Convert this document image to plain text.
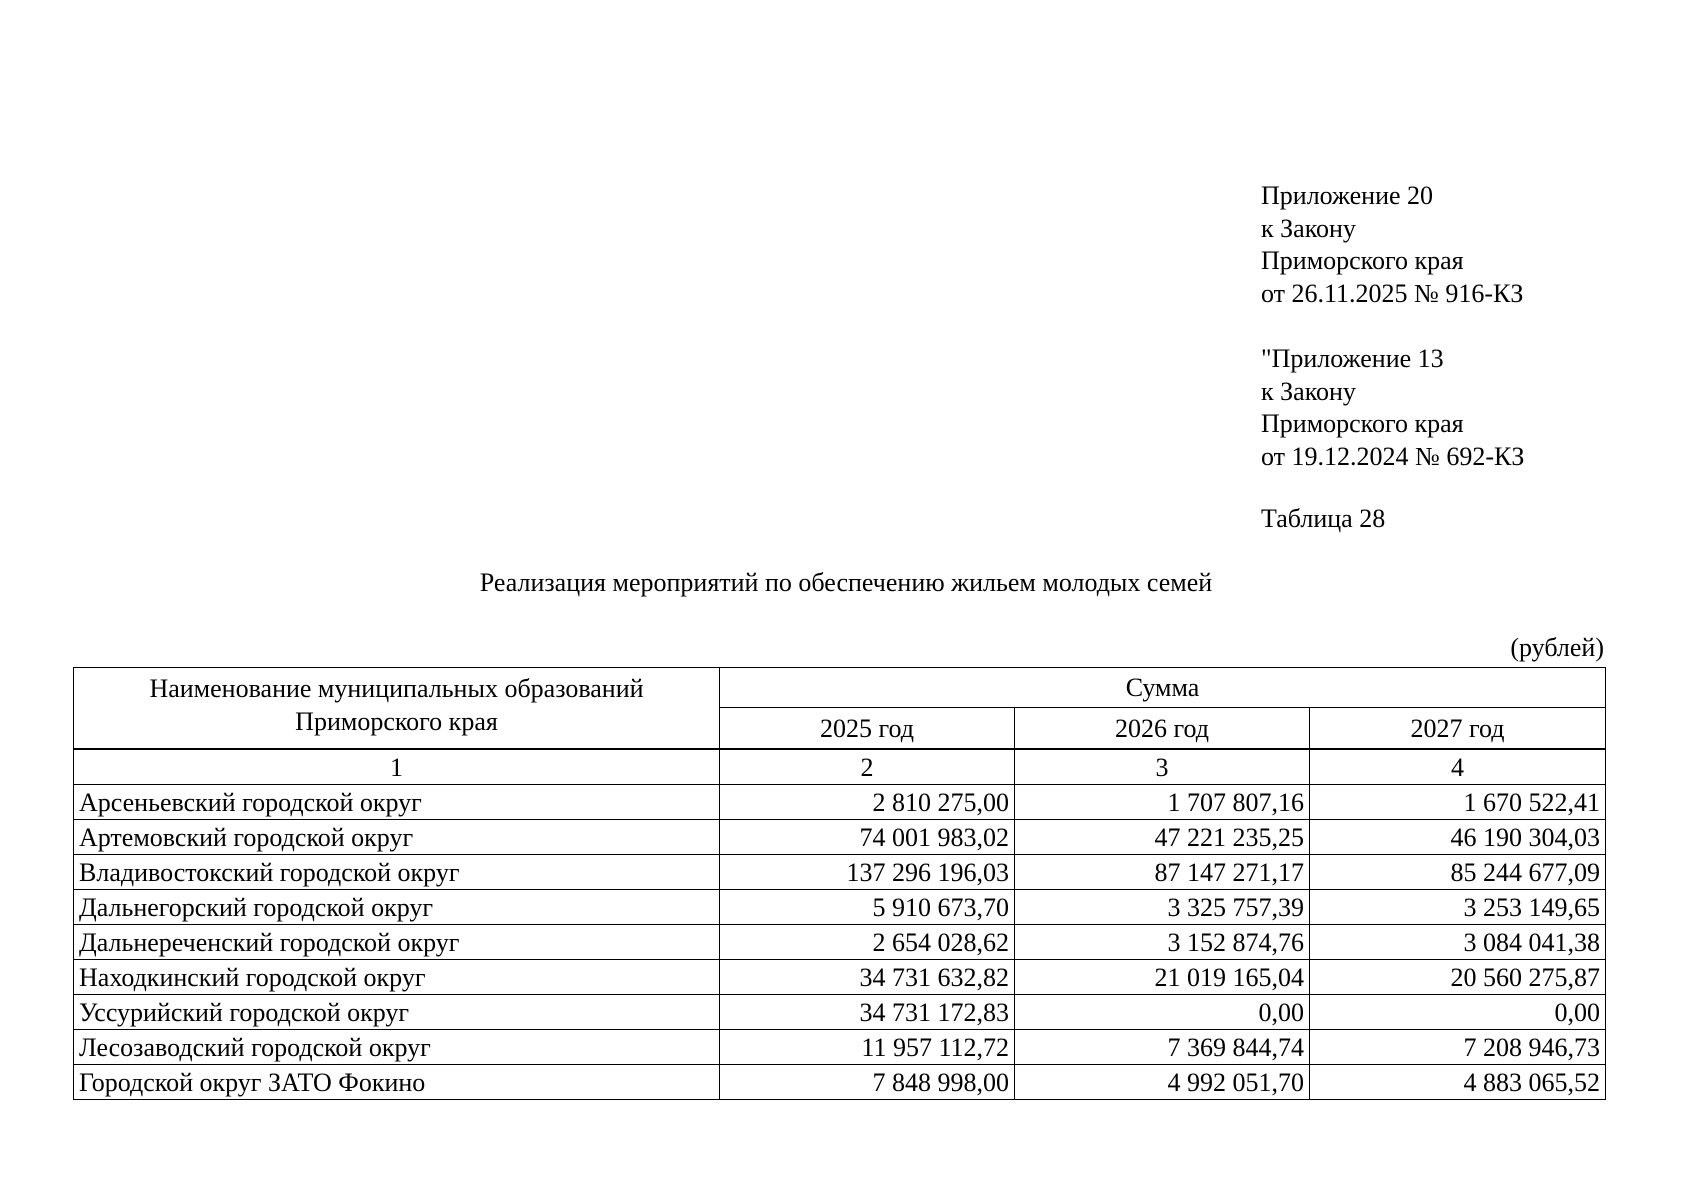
Приложение 20

к Закону

Приморского края

от 26.11.2025 № 916-КЗ

"Приложение 13

к Закону

Приморского края

от 19.12.2024 № 692-КЗ

Таблица 28

Реализация мероприятий по обеспечению жильем молодых семей

(рублей)

Наименование муниципальных образований
Приморского края	Сумма		
	2025 год	2026 год	2027 год

1	2	3	4
Арсеньевский городской округ	2 810 275,00	1 707 807,16	1 670 522,41
Артемовский городской округ	74 001 983,02	47 221 235,25	46 190 304,03
Владивостокский городской округ	137 296 196,03	87 147 271,17	85 244 677,09
Дальнегорский городской округ	5 910 673,70	3 325 757,39	3 253 149,65
Дальнереченский городской округ	2 654 028,62	3 152 874,76	3 084 041,38
Находкинский городской округ	34 731 632,82	21 019 165,04	20 560 275,87
Уссурийский городской округ	34 731 172,83	0,00	0,00
Лесозаводский городской округ	11 957 112,72	7 369 844,74	7 208 946,73
Городской округ ЗАТО Фокино	7 848 998,00	4 992 051,70	4 883 065,52
